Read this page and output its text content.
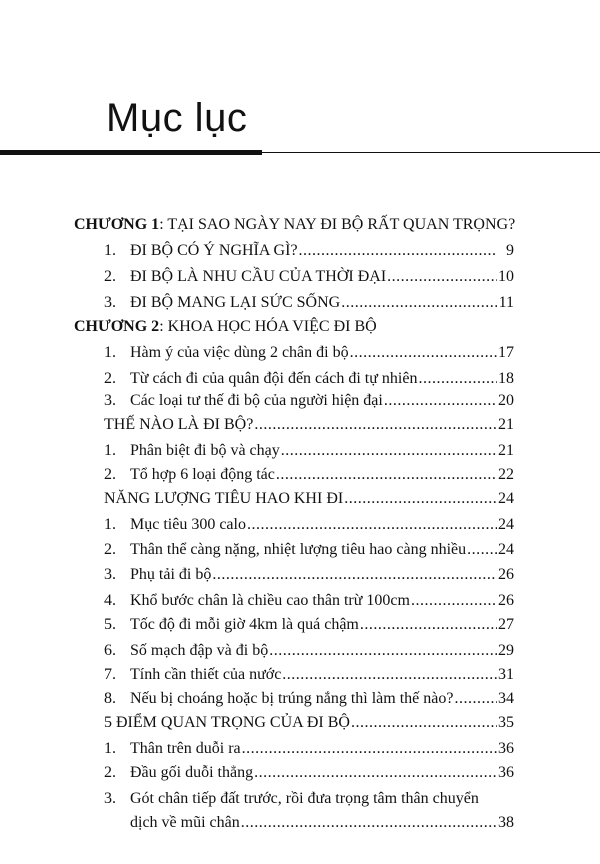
Mục lục
CHƯƠNG 1 : TẠI SAO NGÀY NAY ĐI BỘ RẤT QUAN TRỌNG?
1. ĐI BỘ CÓ Ý NGHĨA GÌ? .....	9
2. ĐI BỘ LÀ NHU CẦU CỦA THỜI ĐẠI .....	10
3. ĐI BỘ MANG LẠI SỨC SỐNG .....	11
CHƯƠNG 2 : KHOA HỌC HÓA VIỆC ĐI BỘ
1. Hàm ý của việc dùng 2 chân đi bộ .....	17
2. Từ cách đi của quân đội đến cách đi tự nhiên .....	18
3. Các loại tư thế đi bộ của người hiện đại .....	20
THẾ NÀO LÀ ĐI BỘ? .....	21
1. Phân biệt đi bộ và chạy .....	21
2. Tổ hợp 6 loại động tác .....	22
NĂNG LƯỢNG TIÊU HAO KHI ĐI .....	24
1. Mục tiêu 300 calo .....	24
2. Thân thể càng nặng, nhiệt lượng tiêu hao càng nhiều ..... 24
3. Phụ tải đi bộ .....	26
4. Khổ bước chân là chiều cao thân trừ 100cm .....	26
5. Tốc độ đi mỗi giờ 4km là quá chậm .....	27
6. Số mạch đập và đi bộ .....	29
7. Tính cần thiết của nước .....	31
8. Nếu bị choáng hoặc bị trúng nắng thì làm thế nào? .....	34
5 ĐIỂM QUAN TRỌNG CỦA ĐI BỘ .....	35
1. Thân trên duỗi ra .....	36
2. Đầu gối duỗi thẳng .....	36
3. Gót chân tiếp đất trước, rồi đưa trọng tâm thân chuyển
dịch về mũi chân .....	38
